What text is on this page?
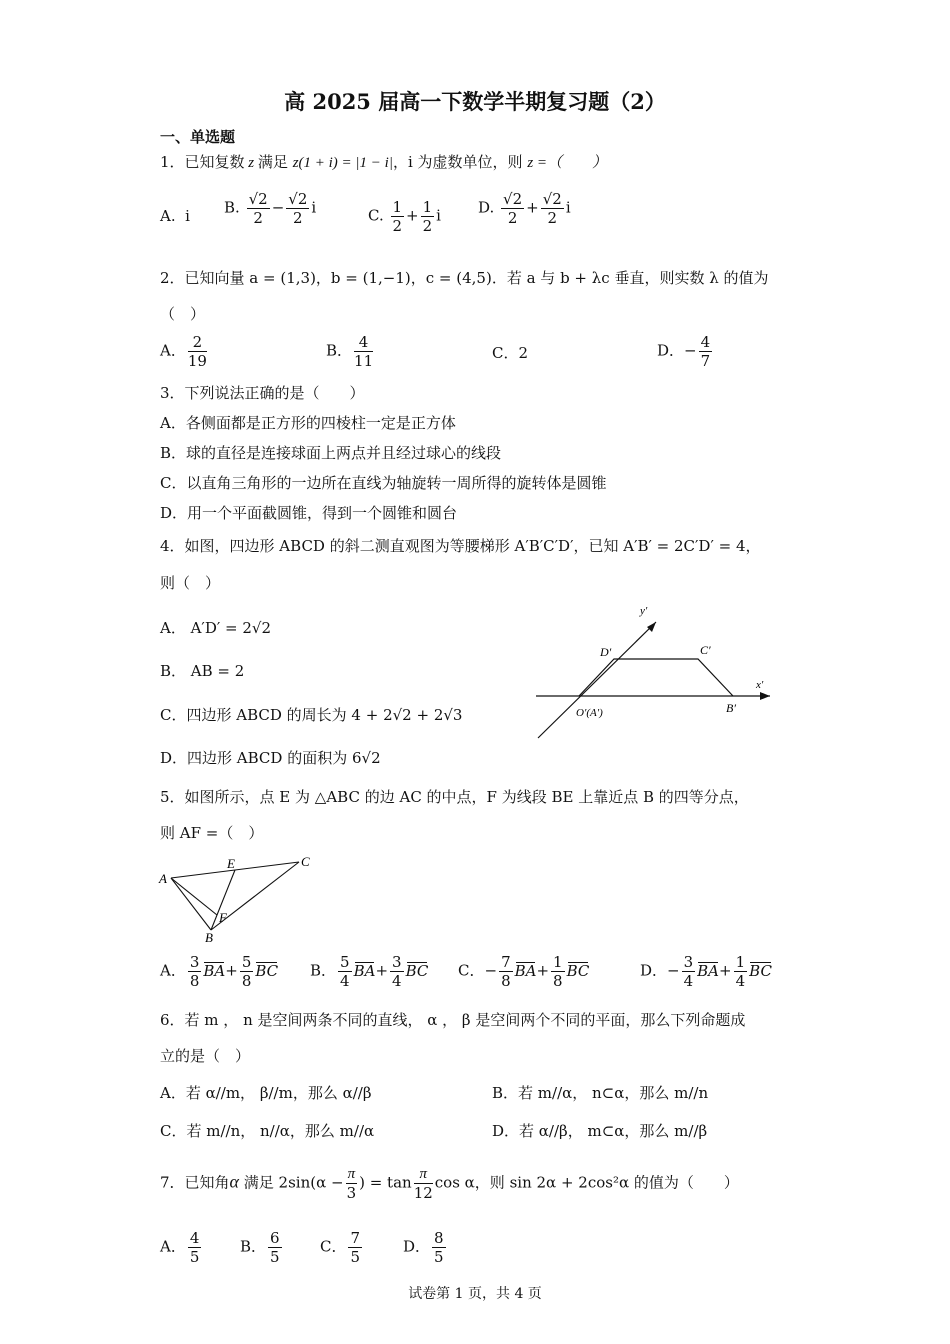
高 2025 届高一下数学半期复习题（2）
一、单选题
1．已知复数 z 满足 z(1 + i) = |1 − i|，i 为虚数单位，则 z =（　　）
A. i B. $\frac{√2}{2} - \frac{√2}{2}$ i	C. $\frac{1}{2} + \frac{1}{2}$ i D. $\frac{√2}{2} + \frac{√2}{2}$ i
2．已知向量 a = (1,3)，b = (1,−1)，c = (4,5)．若 a 与 b + λc 垂直，则实数 λ 的值为
（　）
A． $\frac{2}{19}$	B． $\frac{4}{11}$	C．2	D．− $\frac{4}{7}$
3．下列说法正确的是（　　）
A．各侧面都是正方形的四棱柱一定是正方体
B．球的直径是连接球面上两点并且经过球心的线段
C．以直角三角形的一边所在直线为轴旋转一周所得的旋转体是圆锥
D．用一个平面截圆锥，得到一个圆锥和圆台
4．如图，四边形 ABCD 的斜二测直观图为等腰梯形 A′B′C′D′，已知 A′B′ = 2C′D′ = 4，
则（　）
A． A′D′ = 2√2
B． AB = 2
C．四边形 ABCD 的周长为 4 + 2√2 + 2√3
D．四边形 ABCD 的面积为 6√2
y′
x′
D′	C′
B′
O′(A′)
5．如图所示，点 E 为 △ABC 的边 AC 的中点，F 为线段 BE 上靠近点 B 的四等分点，
则 AF =（　）
A
E	C
F
B
A． $\frac{3}{8} BA+ \frac{5}{8}$ BC B． $\frac{5}{4} BA+ \frac{3}{4}$ BC C．− $\frac{7}{8} BA+ \frac{1}{8}$ BC	D．− $\frac{3}{4} BA+ \frac{1}{4}$ BC
6．若 m ， n 是空间两条不同的直线， α ， β 是空间两个不同的平面，那么下列命题成
立的是（　）
A．若 α//m， β//m，那么 α//β	B．若 m//α， n⊂α，那么 m//n
C．若 m//n， n//α，那么 m//α	D．若 α//β， m⊂α，那么 m//β
7．已知角α 满足 $2\sin(\alpha - \frac{\pi}{3}$ ) = $\tan \frac{\pi}{12}$ cos α，则 sin 2α + 2cos²α 的值为（　　）
A． $\frac{4}{5}$	B． $\frac{6}{5}$	C． $\frac{7}{5}$	D． $\frac{8}{5}$
试卷第 1 页，共 4 页
